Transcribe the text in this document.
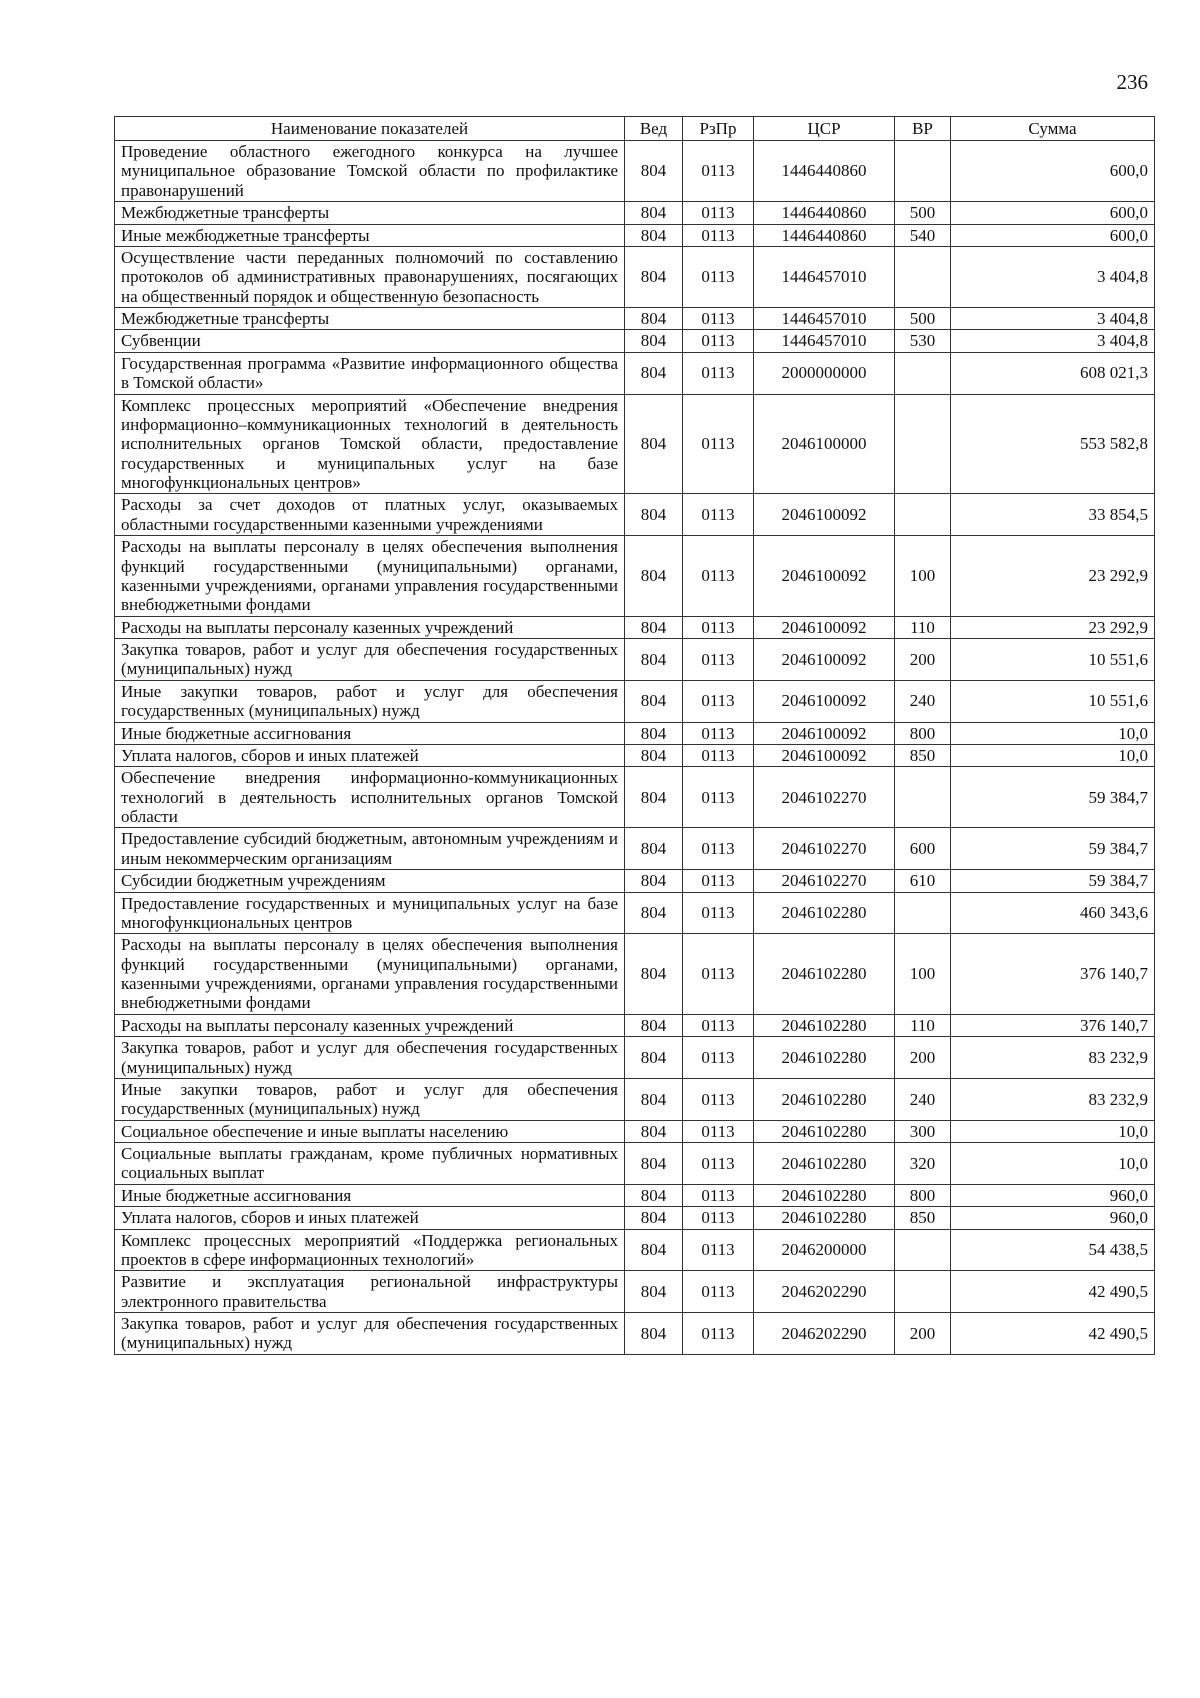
236
Наименование показателей	Вед	РзПр	ЦСР	ВР	Сумма
Проведение областного ежегодного конкурса на лучшее муниципальное образование Томской области по профилактике правонарушений	804	0113	1446440860		600,0
Межбюджетные трансферты	804	0113	1446440860	500	600,0
Иные межбюджетные трансферты	804	0113	1446440860	540	600,0
Осуществление части переданных полномочий по составлению протоколов об административных правонарушениях, посягающих на общественный порядок и общественную безопасность	804	0113	1446457010		3 404,8
Межбюджетные трансферты	804	0113	1446457010	500	3 404,8
Субвенции	804	0113	1446457010	530	3 404,8
Государственная программа «Развитие информационного общества в Томской области»	804	0113	2000000000		608 021,3
Комплекс процессных мероприятий «Обеспечение внедрения информационно–коммуникационных технологий в деятельность исполнительных органов Томской области, предоставление государственных и муниципальных услуг на базе многофункциональных центров»	804	0113	2046100000		553 582,8
Расходы за счет доходов от платных услуг, оказываемых областными государственными казенными учреждениями	804	0113	2046100092		33 854,5
Расходы на выплаты персоналу в целях обеспечения выполнения функций государственными (муниципальными) органами, казенными учреждениями, органами управления государственными внебюджетными фондами	804	0113	2046100092	100	23 292,9
Расходы на выплаты персоналу казенных учреждений	804	0113	2046100092	110	23 292,9
Закупка товаров, работ и услуг для обеспечения государственных (муниципальных) нужд	804	0113	2046100092	200	10 551,6
Иные закупки товаров, работ и услуг для обеспечения государственных (муниципальных) нужд	804	0113	2046100092	240	10 551,6
Иные бюджетные ассигнования	804	0113	2046100092	800	10,0
Уплата налогов, сборов и иных платежей	804	0113	2046100092	850	10,0
Обеспечение внедрения информационно-коммуникационных технологий в деятельность исполнительных органов Томской области	804	0113	2046102270		59 384,7
Предоставление субсидий бюджетным, автономным учреждениям и иным некоммерческим организациям	804	0113	2046102270	600	59 384,7
Субсидии бюджетным учреждениям	804	0113	2046102270	610	59 384,7
Предоставление государственных и муниципальных услуг на базе многофункциональных центров	804	0113	2046102280		460 343,6
Расходы на выплаты персоналу в целях обеспечения выполнения функций государственными (муниципальными) органами, казенными учреждениями, органами управления государственными внебюджетными фондами	804	0113	2046102280	100	376 140,7
Расходы на выплаты персоналу казенных учреждений	804	0113	2046102280	110	376 140,7
Закупка товаров, работ и услуг для обеспечения государственных (муниципальных) нужд	804	0113	2046102280	200	83 232,9
Иные закупки товаров, работ и услуг для обеспечения государственных (муниципальных) нужд	804	0113	2046102280	240	83 232,9
Социальное обеспечение и иные выплаты населению	804	0113	2046102280	300	10,0
Социальные выплаты гражданам, кроме публичных нормативных социальных выплат	804	0113	2046102280	320	10,0
Иные бюджетные ассигнования	804	0113	2046102280	800	960,0
Уплата налогов, сборов и иных платежей	804	0113	2046102280	850	960,0
Комплекс процессных мероприятий «Поддержка региональных проектов в сфере информационных технологий»	804	0113	2046200000		54 438,5
Развитие и эксплуатация региональной инфраструктуры электронного правительства	804	0113	2046202290		42 490,5
Закупка товаров, работ и услуг для обеспечения государственных (муниципальных) нужд	804	0113	2046202290	200	42 490,5
